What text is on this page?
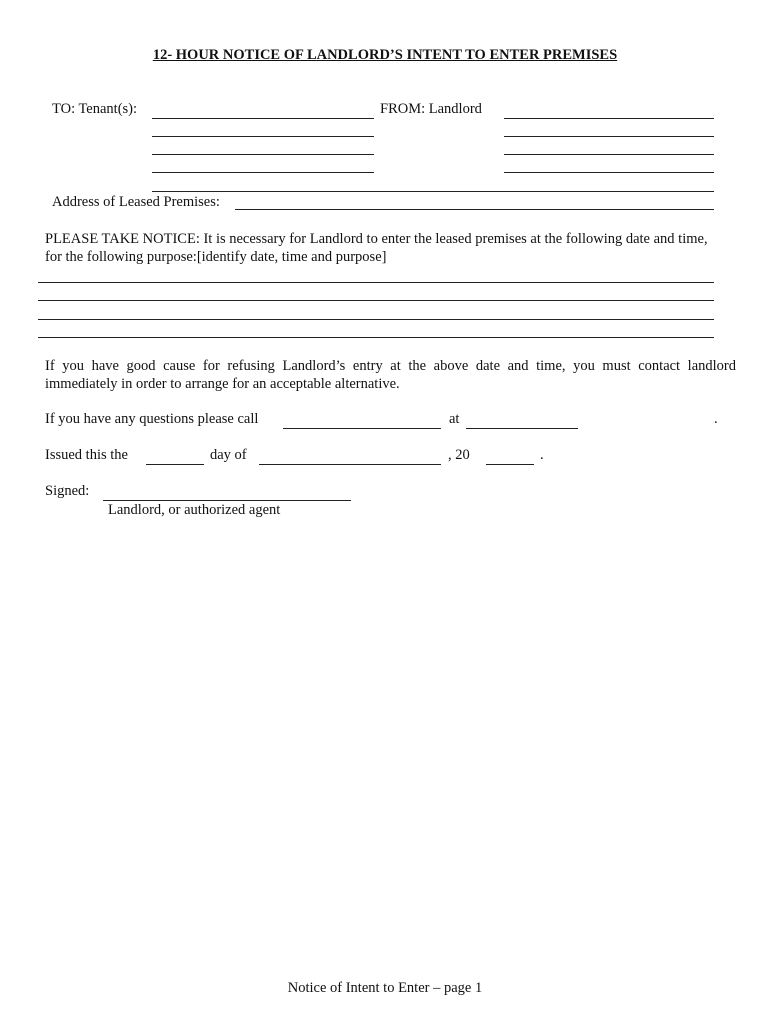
12- HOUR NOTICE OF LANDLORD’S INTENT TO ENTER PREMISES
TO: Tenant(s):	FROM: Landlord
Address of Leased Premises:
PLEASE TAKE NOTICE: It is necessary for Landlord to enter the leased premises at the following date and time, for the following purpose:[identify date, time and purpose]
If you have good cause for refusing Landlord’s entry at the above date and time, you must contact landlord immediately in order to arrange for an acceptable alternative.
If you have any questions please call	at	.
Issued this the	day of	, 20	.
Signed:
Landlord, or authorized agent
Notice of Intent to Enter – page 1
